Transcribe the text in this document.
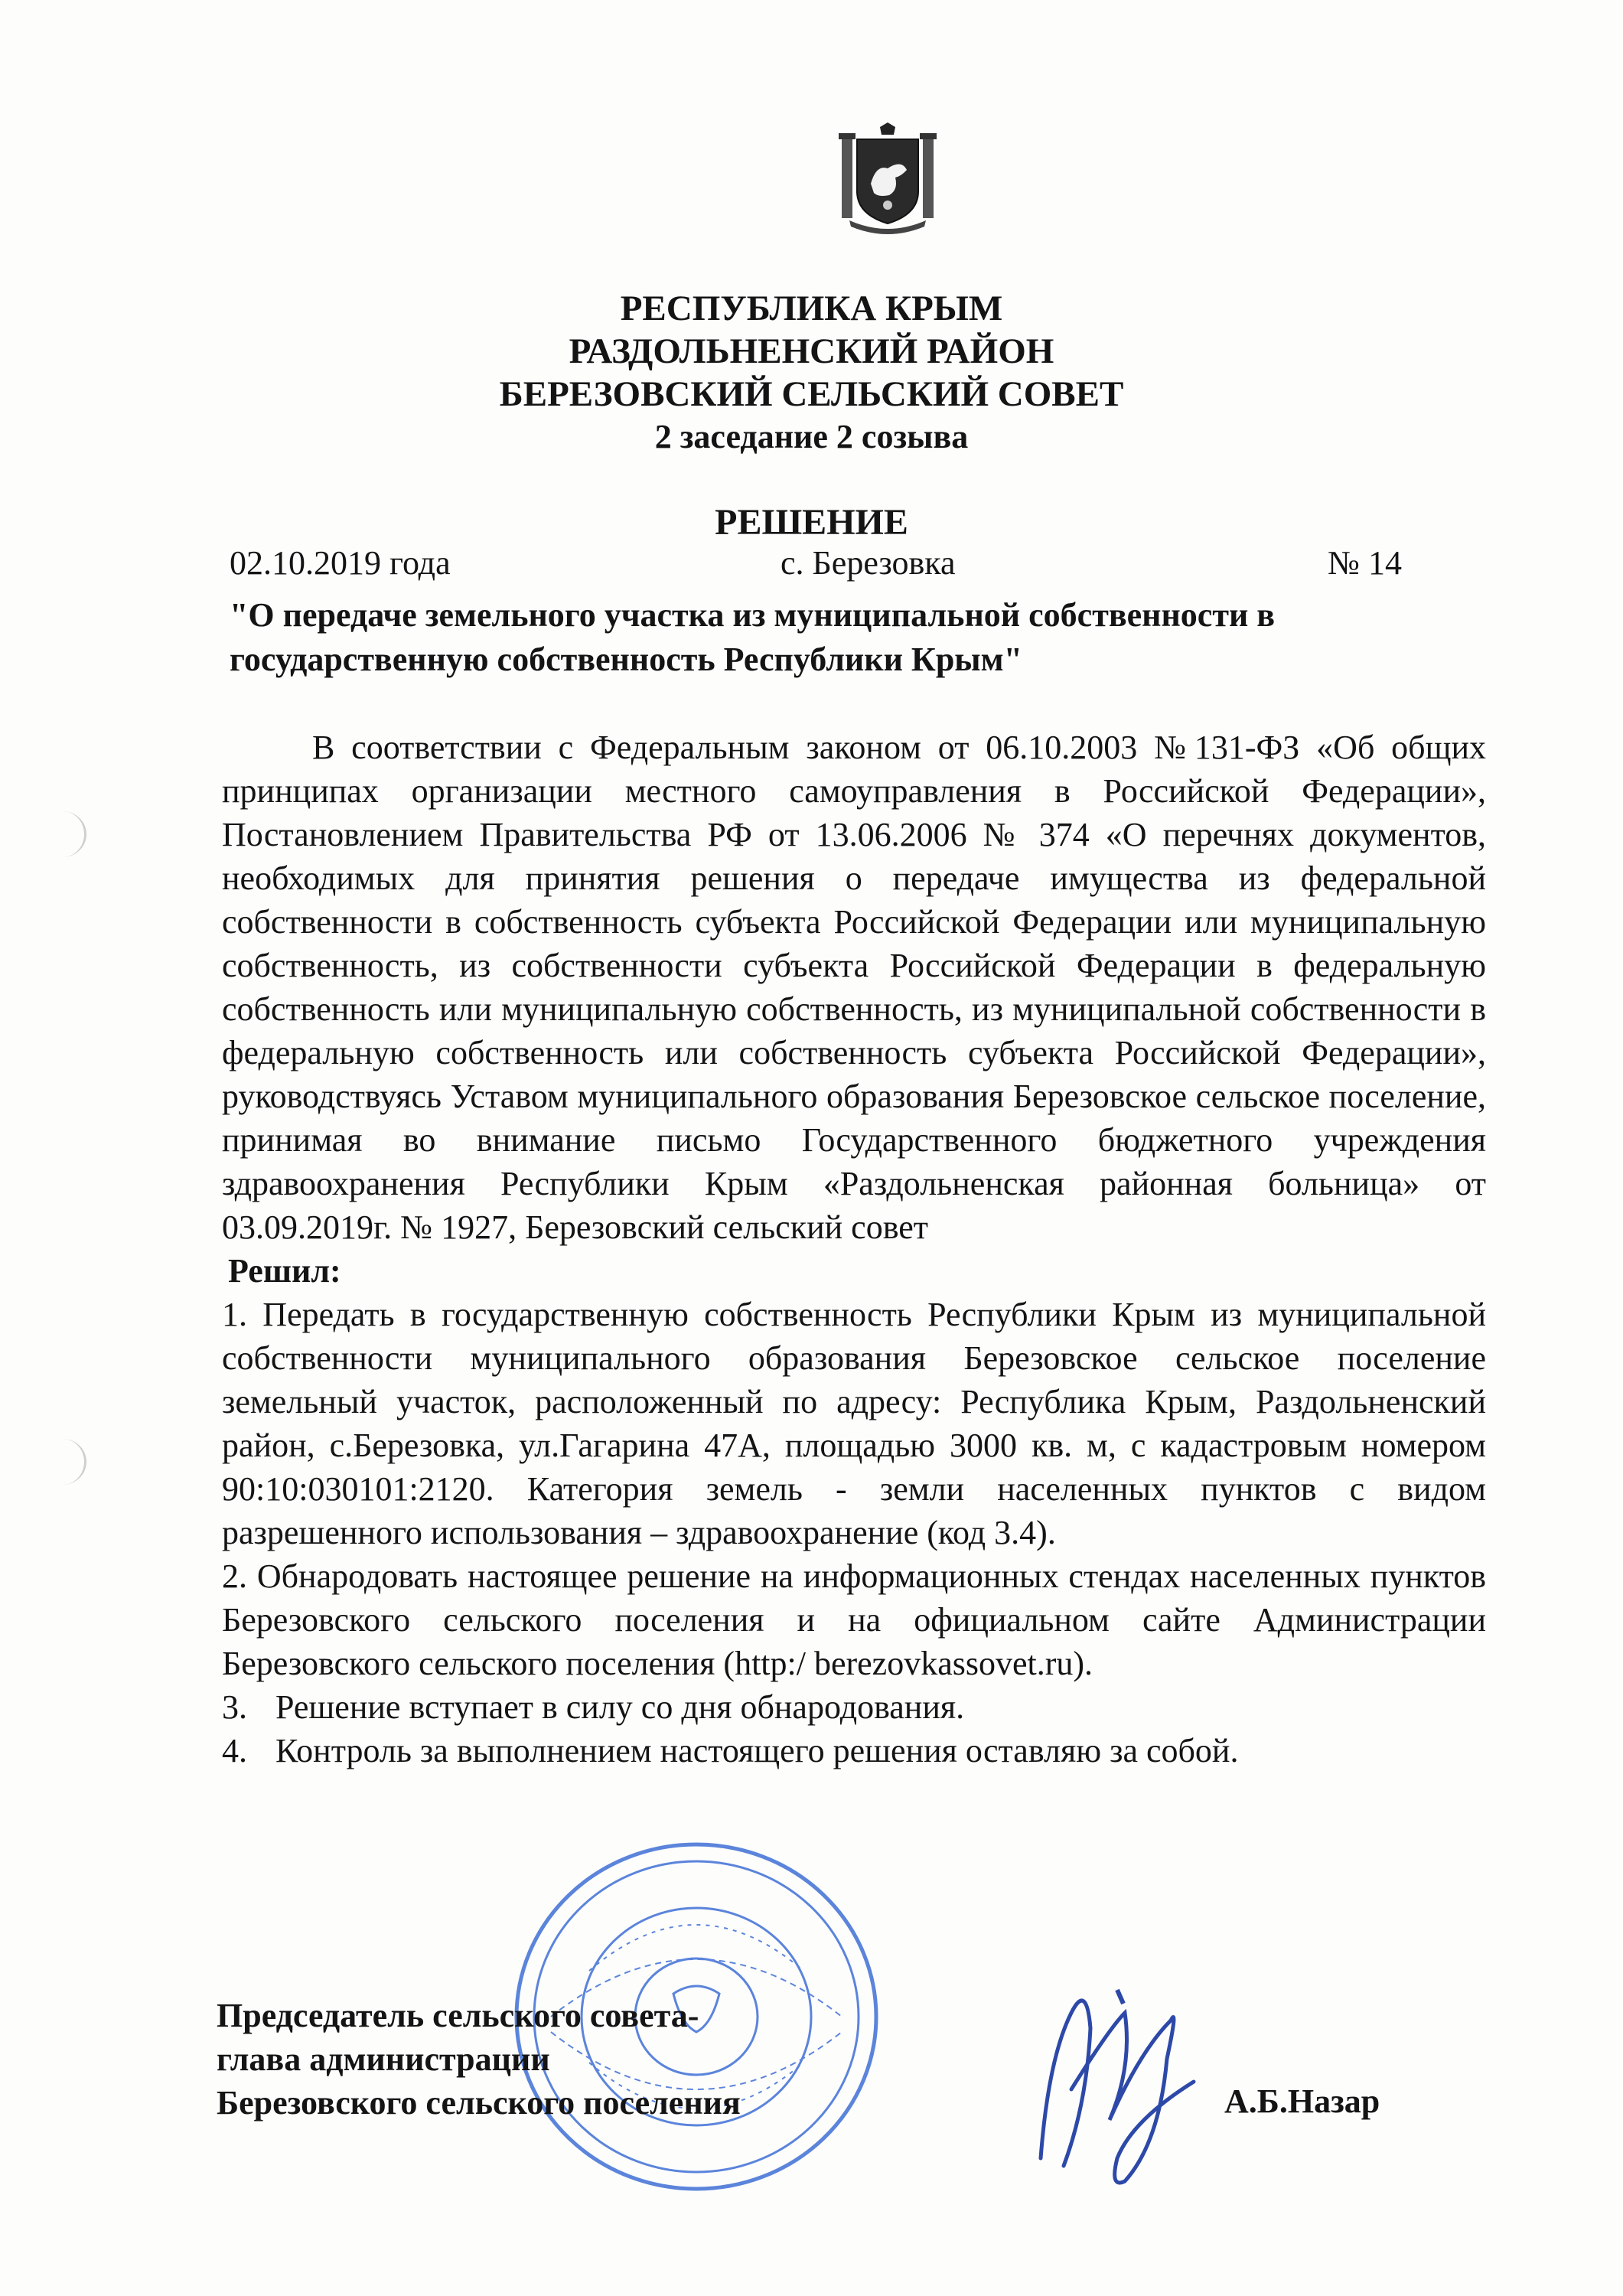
РЕСПУБЛИКА КРЫМ
РАЗДОЛЬНЕНСКИЙ РАЙОН
БЕРЕЗОВСКИЙ СЕЛЬСКИЙ СОВЕТ
2 заседание 2 созыва
РЕШЕНИЕ
02.10.2019 года	с. Березовка	№ 14
"О передаче земельного участка из муниципальной собственности в государственную собственность Республики Крым"

В соответствии с Федеральным законом от 06.10.2003 №131-ФЗ «Об общих принципах организации местного самоуправления в Российской Федерации», Постановлением Правительства РФ от 13.06.2006 № 374 «О перечнях документов, необходимых для принятия решения о передаче имущества из федеральной собственности в собственность субъекта Российской Федерации или муниципальную собственность, из собственности субъекта Российской Федерации в федеральную собственность или муниципальную собственность, из муниципальной собственности в федеральную собственность или собственность субъекта Российской Федерации», руководствуясь Уставом муниципального образования Березовское сельское поселение, принимая во внимание письмо Государственного бюджетного учреждения здравоохранения Республики Крым «Раздольненская районная больница» от 03.09.2019г. № 1927, Березовский сельский совет

Решил:

1. Передать в государственную собственность Республики Крым из муниципальной собственности муниципального образования Березовское сельское поселение земельный участок, расположенный по адресу: Республика Крым, Раздольненский район, с.Березовка, ул.Гагарина 47А, площадью 3000 кв. м, с кадастровым номером 90:10:030101:2120. Категория земель - земли населенных пунктов с видом разрешенного использования – здравоохранение (код 3.4).

2. Обнародовать настоящее решение на информационных стендах населенных пунктов Березовского сельского поселения и на официальном сайте Администрации Березовского сельского поселения (http:/ berezovkassovet.ru).

3. Решение вступает в силу со дня обнародования.

4. Контроль за выполнением настоящего решения оставляю за собой.

Председатель сельского совета-
глава администрации
Березовского сельского поселения	А.Б.Назар
